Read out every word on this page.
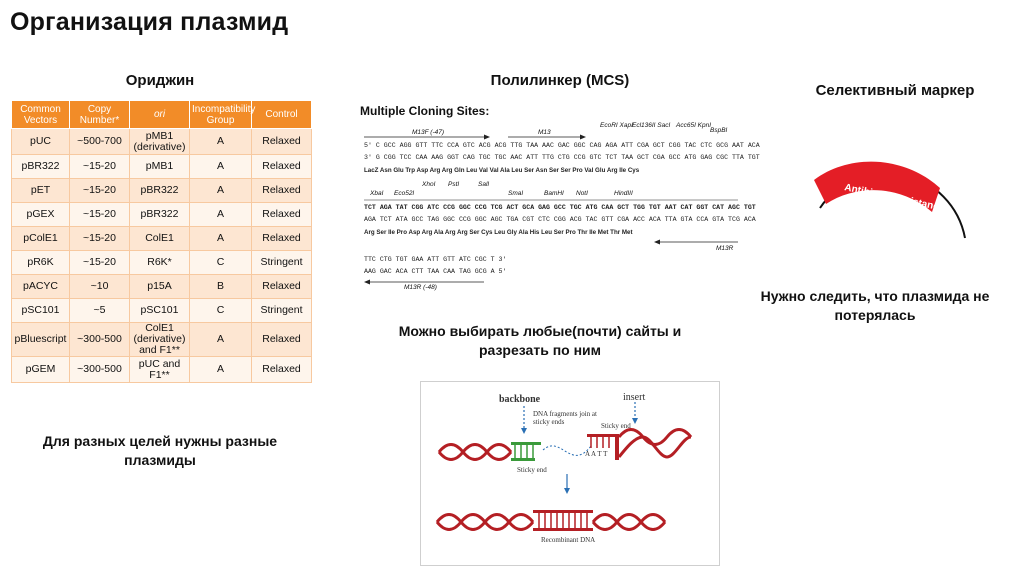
Организация плазмид
Ориджин
Common Vectors	Copy Number*	ori	Incompatibility Group	Control
pUC	~500-700	pMB1 (derivative)	A	Relaxed
pBR322	~15-20	pMB1	A	Relaxed
pET	~15-20	pBR322	A	Relaxed
pGEX	~15-20	pBR322	A	Relaxed
pColE1	~15-20	ColE1	A	Relaxed
pR6K	~15-20	R6K*	C	Stringent
pACYC	~10	p15A	B	Relaxed
pSC101	~5	pSC101	C	Stringent
pBluescript	~300-500	ColE1 (derivative) and F1**	A	Relaxed
pGEM	~300-500	pUC and F1**	A	Relaxed
Для разных целей нужны разные плазмиды
Полилинкер (MCS)
Multiple Cloning Sites:
M13F (-47)	M13
EcoRI XapI Ecl136II SacI Acc65I KpnI
BspBI
5' C GCC AGG GTT TTC CCA GTC ACG ACG TTG TAA AAC GAC GGC CAG AGA ATT CGA GCT CGG TAC CTC GCG AAT ACA
3' G CGG TCC CAA AAG GGT CAG TGC TGC AAC ATT TTG CTG CCG GTC TCT TAA GCT CGA GCC ATG GAG CGC TTA TGT
LacZ Asn Glu Trp Asp Arg Arg Gln Leu Val Val Ala Leu Ser Asn Ser Ser Pro Val Glu Arg Ile Cys
XbaI Eco52I
XhoI PstI	SalI
HindIII
BamHI
SmaI	NotI
TCT AGA TAT CGG ATC CCG GGC CCG TCG ACT GCA GAG GCC TGC ATG CAA GCT TGG TGT AAT CAT GGT CAT AGC TGT
AGA TCT ATA GCC TAG GGC CCG GGC AGC TGA CGT CTC CGG ACG TAC GTT CGA ACC ACA TTA GTA CCA GTA TCG ACA
Arg Ser Ile Pro Asp Arg Ala Arg Arg Ser Cys Leu Gly Ala His Leu Ser Pro Thr Ile Met Thr Met
M13R
TTC CTG TGT GAA ATT GTT ATC CGC T 3'
AAG GAC ACA CTT TAA CAA TAG GCG A 5'
M13R (-48)
Можно выбирать любые(почти) сайты и разрезать по ним
backbone	insert
DNA fragments join at sticky ends	Sticky end
Sticky end
A A T T
Recombinant DNA
Селективный маркер
Antibiotic Resistance
Нужно следить, что плазмида не потерялась
